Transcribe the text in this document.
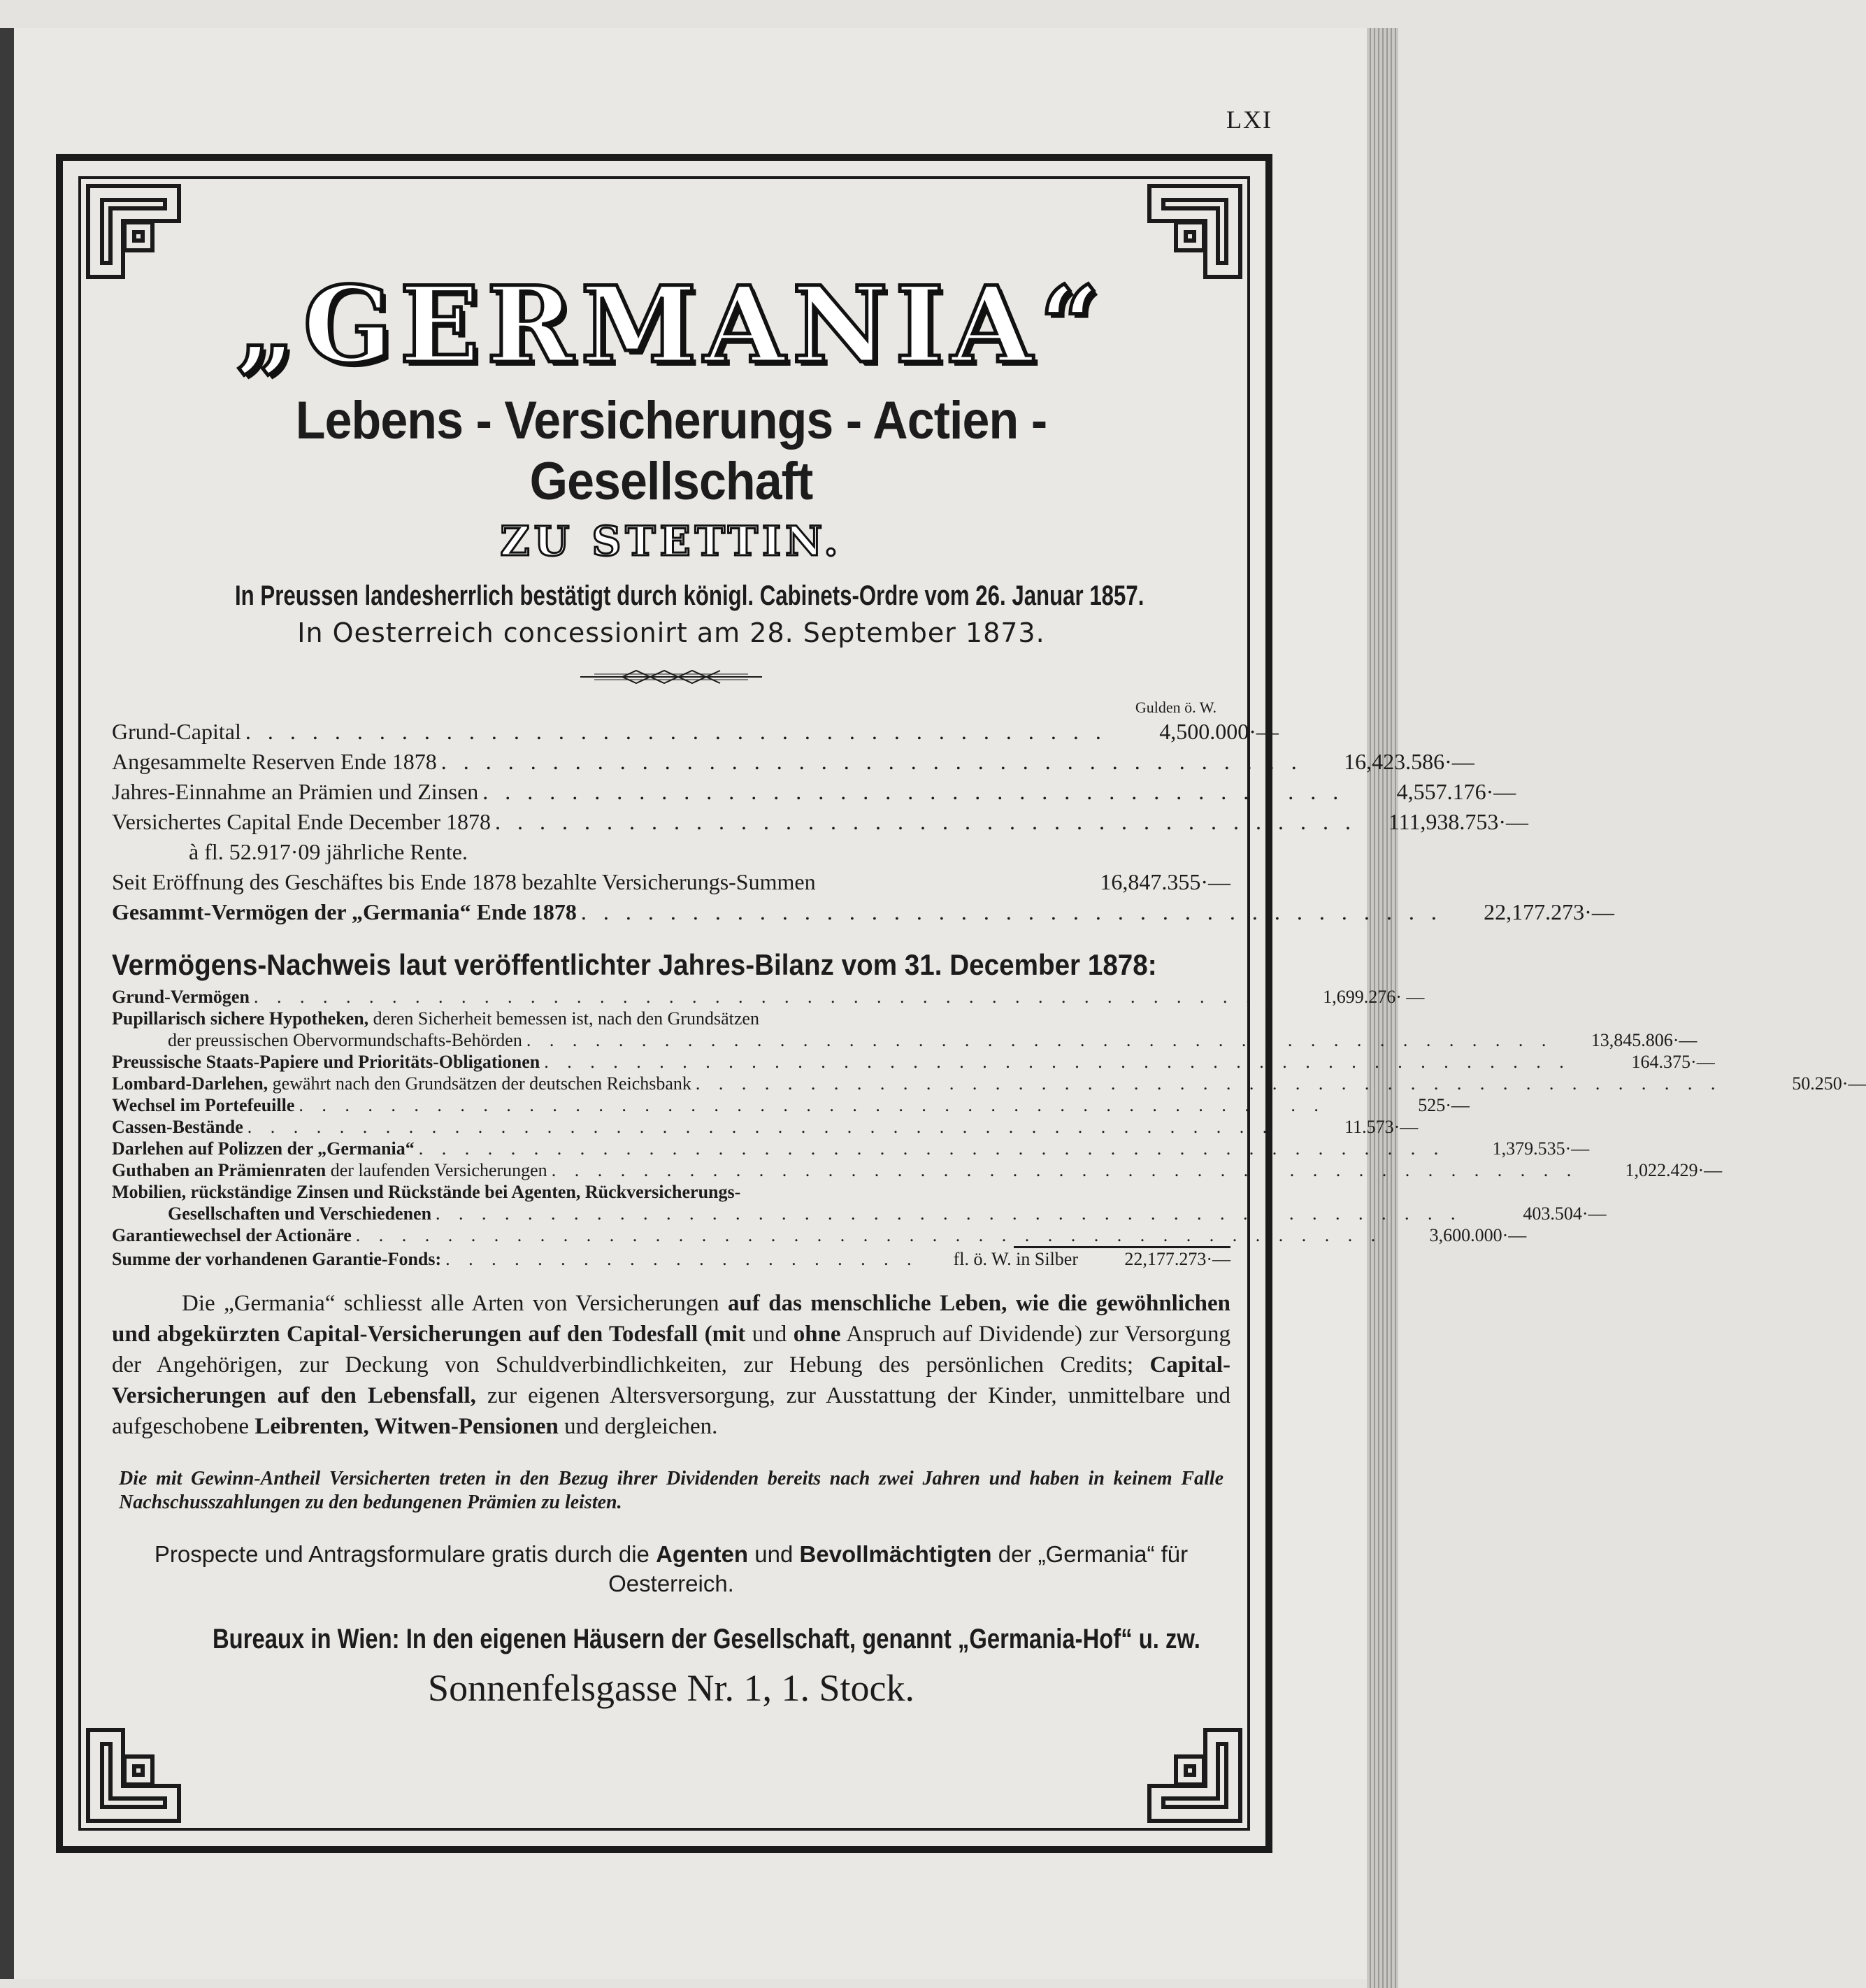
LXI
„GERMANIA“
Lebens - Versicherungs - Actien - Gesellschaft
ZU STETTIN.
In Preussen landesherrlich bestätigt durch königl. Cabinets-Ordre vom 26. Januar 1857.
In Oesterreich concessionirt am 28. September 1873.
Gulden ö. W.
Grund-Capital . . . . . . . . . . . . . . . . . . . . . . . . . . . . . . . . . . . . . . .	4,500.000·—
Angesammelte Reserven Ende 1878 . . . . . . . . . . . . . . . . . . . . . . . . . . . . . . . . . . . . . . .	16,423.586·—
Jahres-Einnahme an Prämien und Zinsen . . . . . . . . . . . . . . . . . . . . . . . . . . . . . . . . . . . . . . .	4,557.176·—
Versichertes Capital Ende December 1878 . . . . . . . . . . . . . . . . . . . . . . . . . . . . . . . . . . . . . . .	111,938.753·—
à fl. 52.917·09 jährliche Rente.
Seit Eröffnung des Geschäftes bis Ende 1878 bezahlte Versicherungs-Summen	16,847.355·—
Gesammt-Vermögen der „Germania“ Ende 1878 . . . . . . . . . . . . . . . . . . . . . . . . . . . . . . . . . . . . . . .	22,177.273·—
Vermögens-Nachweis laut veröffentlichter Jahres-Bilanz vom 31. December 1878:
Grund-Vermögen . . . . . . . . . . . . . . . . . . . . . . . . . . . . . . . . . . . . . . . . . . . . .	1,699.276· —
Pupillarisch sichere Hypotheken, deren Sicherheit bemessen ist, nach den Grundsätzen
der preussischen Obervormundschafts-Behörden . . . . . . . . . . . . . . . . . . . . . . . . . . . . . . . . . . . . . . . . . . . . .	13,845.806·—
Preussische Staats-Papiere und Prioritäts-Obligationen . . . . . . . . . . . . . . . . . . . . . . . . . . . . . . . . . . . . . . . . . . . . .	164.375·—
Lombard-Darlehen, gewährt nach den Grundsätzen der deutschen Reichsbank . . . . . . . . . . . . . . . . . . . . . . . . . . . . . . . . . . . . . . . . . . . . .	50.250·—
Wechsel im Portefeuille . . . . . . . . . . . . . . . . . . . . . . . . . . . . . . . . . . . . . . . . . . . . .	525·—
Cassen-Bestände . . . . . . . . . . . . . . . . . . . . . . . . . . . . . . . . . . . . . . . . . . . . .	11.573·—
Darlehen auf Polizzen der „Germania“ . . . . . . . . . . . . . . . . . . . . . . . . . . . . . . . . . . . . . . . . . . . . .	1,379.535·—
Guthaben an Prämienraten der laufenden Versicherungen . . . . . . . . . . . . . . . . . . . . . . . . . . . . . . . . . . . . . . . . . . . . .	1,022.429·—
Mobilien, rückständige Zinsen und Rückstände bei Agenten, Rückversicherungs-
Gesellschaften und Verschiedenen . . . . . . . . . . . . . . . . . . . . . . . . . . . . . . . . . . . . . . . . . . . . .	403.504·—
Garantiewechsel der Actionäre . . . . . . . . . . . . . . . . . . . . . . . . . . . . . . . . . . . . . . . . . . . . .	3,600.000·—
Summe der vorhandenen Garantie-Fonds: . . . . . . . . . . . . . . . . . . . . .	fl. ö. W. in Silber	22,177.273·—

Die „Germania“ schliesst alle Arten von Versicherungen auf das menschliche Leben, wie die gewöhnlichen und abgekürzten Capital-Versicherungen auf den Todesfall (mit und ohne Anspruch auf Dividende) zur Versorgung der Angehörigen, zur Deckung von Schuldverbindlichkeiten, zur Hebung des persönlichen Credits; Capital-Versicherungen auf den Lebensfall, zur eigenen Altersversorgung, zur Ausstattung der Kinder, unmittelbare und aufgeschobene Leibrenten, Witwen-Pensionen und dergleichen.

Die mit Gewinn-Antheil Versicherten treten in den Bezug ihrer Dividenden bereits nach zwei Jahren und haben in keinem Falle Nachschusszahlungen zu den bedungenen Prämien zu leisten.

Prospecte und Antragsformulare gratis durch die Agenten und Bevollmächtigten der „Germania“ für Oesterreich.
Bureaux in Wien: In den eigenen Häusern der Gesellschaft, genannt „Germania-Hof“ u. zw.
Sonnenfelsgasse Nr. 1, 1. Stock.
